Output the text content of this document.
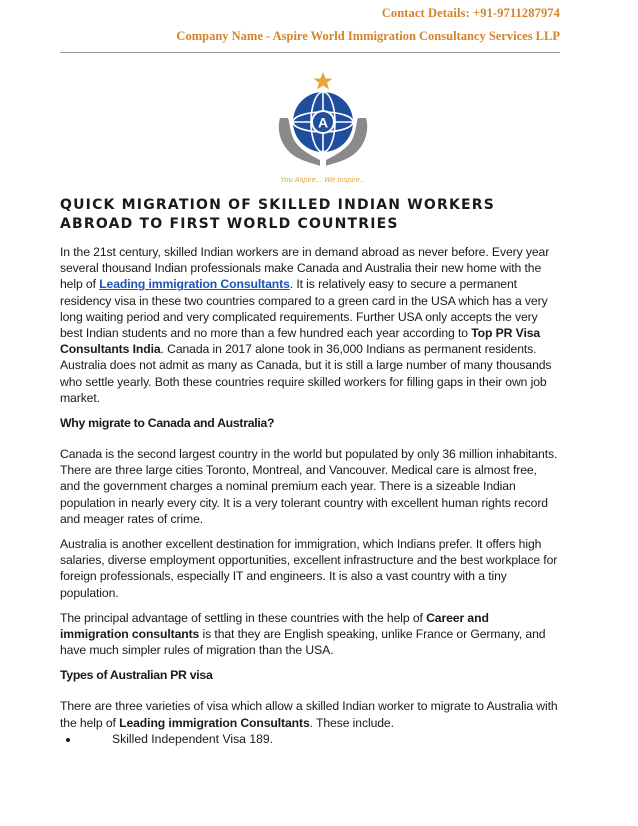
Contact Details: +91-9711287974
Company Name - Aspire World Immigration Consultancy Services LLP
A
You Aspire... We Inspire...
QUICK MIGRATION OF SKILLED INDIAN WORKERS ABROAD TO FIRST WORLD COUNTRIES

In the 21st century, skilled Indian workers are in demand abroad as never before. Every year several thousand Indian professionals make Canada and Australia their new home with the help of Leading immigration Consultants. It is relatively easy to secure a permanent residency visa in these two countries compared to a green card in the USA which has a very long waiting period and very complicated requirements. Further USA only accepts the very best Indian students and no more than a few hundred each year according to Top PR Visa Consultants India. Canada in 2017 alone took in 36,000 Indians as permanent residents. Australia does not admit as many as Canada, but it is still a large number of many thousands who settle yearly. Both these countries require skilled workers for filling gaps in their own job market.

Why migrate to Canada and Australia?

Canada is the second largest country in the world but populated by only 36 million inhabitants. There are three large cities Toronto, Montreal, and Vancouver. Medical care is almost free, and the government charges a nominal premium each year. There is a sizeable Indian population in nearly every city. It is a very tolerant country with excellent human rights record and meager rates of crime.

Australia is another excellent destination for immigration, which Indians prefer. It offers high salaries, diverse employment opportunities, excellent infrastructure and the best workplace for foreign professionals, especially IT and engineers. It is also a vast country with a tiny population.

The principal advantage of settling in these countries with the help of Career and immigration consultants is that they are English speaking, unlike France or Germany, and have much simpler rules of migration than the USA.

Types of Australian PR visa

There are three varieties of visa which allow a skilled Indian worker to migrate to Australia with the help of Leading immigration Consultants. These include.

• Skilled Independent Visa 189.
